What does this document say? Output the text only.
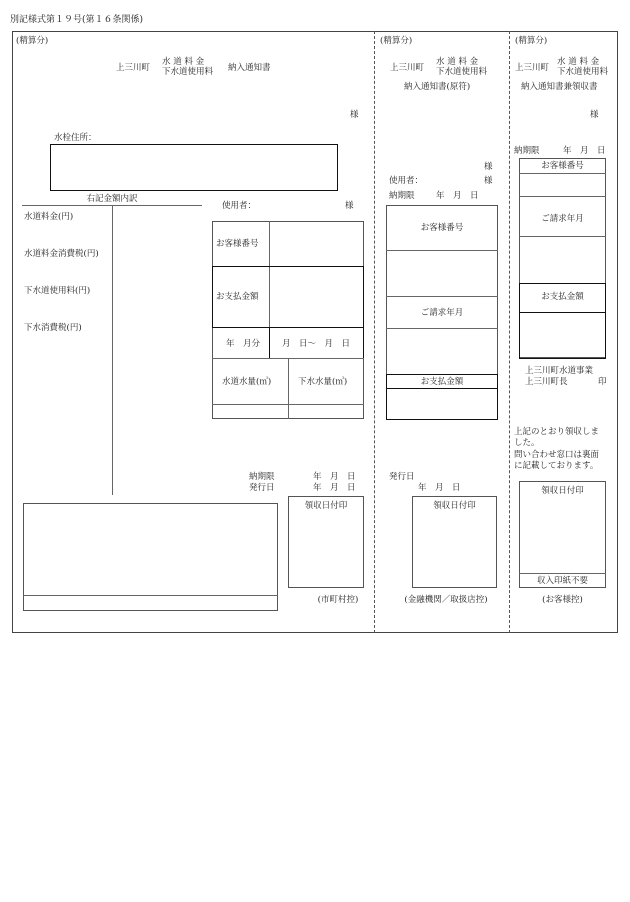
別記様式第１９号(第１６条関係)
(精算分)
上三川町
水 道 料 金
下水道使用料 納入通知書
様
水栓住所：
右記金額内訳
水道料金(円)
水道料金消費税(円)
下水道使用料(円)
下水消費税(円)
使用者：	様
お客様番号
お支払金額
年　月分	月　日〜　月　日
水道水量(㎥)	下水水量(㎥)
納期限	年　月　日
発行日	年　月　日
領収日付印
(市町村控)
(精算分)
上三川町
水 道 料 金
下水道使用料
納入通知書(原符)
様
使用者：	様
納期限	年　月　日
お客様番号
ご請求年月
お支払金額
発行日
年　月　日
領収日付印
(金融機関／取扱店控)
(精算分)
上三川町
水 道 料 金
下水道使用料
納入通知書兼領収書
様
納期限	年　月　日
お客様番号
ご請求年月
お支払金額
上三川町水道事業
上三川町長	印
上記のとおり領収しま
した。
問い合わせ窓口は裏面
に記載しております。
領収日付印
収入印紙不要
(お客様控)
